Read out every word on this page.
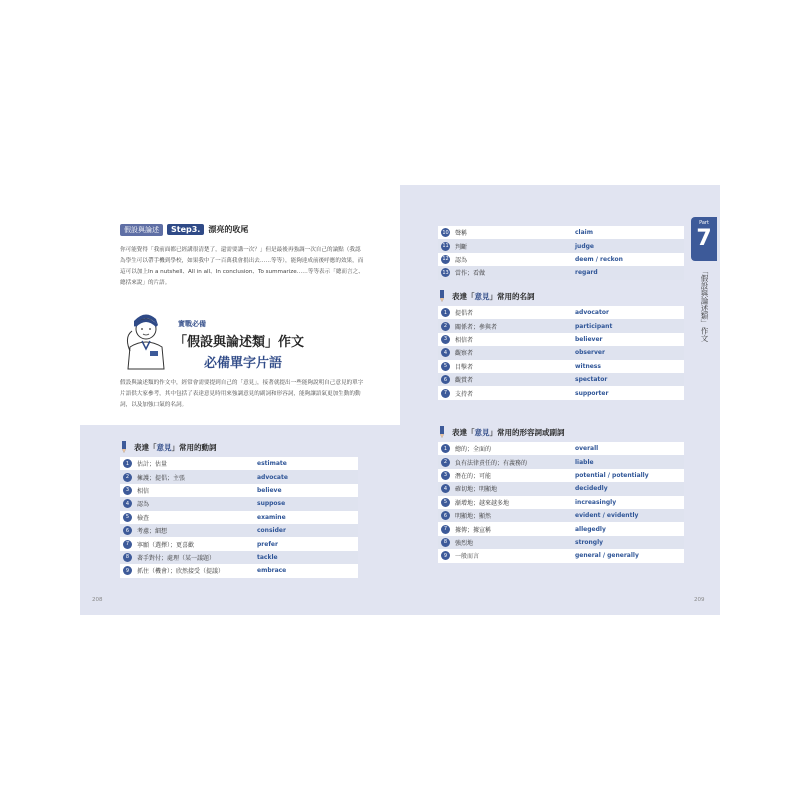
假設與論述	Step3.	漂亮的收尾
你可能覺得「我前面都已經講很清楚了，還需要講一次？」但是最後再強調一次自己的論點（我認為學生可以帶手機到學校，如果我中了一百萬我會捐出去……等等），能夠達成前後呼應的效果，而這可以加上In a nutshell、All in all、In conclusion、To summarize……等等表示「總而言之、總括來說」的片語。
實戰必備
「假設與論述類」作文
必備單字片語
假設與論述類的作文中，經常會需要提到自己的「意見」，接著就提出一些能夠說明自己意見的單字片語供大家參考，其中包括了表達意見時用來強調意見的副詞和形容詞，能夠讓語氣更加生動的動詞，以及加強口氣的名詞。
表達「意見」常用的動詞
1	估計；估量	estimate
2	擁護；提倡；主張	advocate
3	相信	believe
4	認為	suppose
5	檢查	examine
6	考慮；細想	consider
7	寧願（選擇）；更喜歡	prefer
8	著手對付；處理（某一議題）	tackle
9	抓住（機會）；欣然接受（提議）	embrace
10 聲稱	claim
11 判斷	judge
12 認為	deem / reckon
13 當作；看做	regard
表達「意見」常用的名詞
1	提倡者	advocator
2	關係者；參與者	participant
3	相信者	believer
4	觀察者	observer
5	目擊者	witness
6	觀賞者	spectator
7	支持者	supporter
表達「意見」常用的形容詞或副詞
1	總的；全面的	overall
2	負有法律責任的；有義務的	liable
3	潛在的；可能	potential / potentially
4	確切地；明顯地	decidedly
5	漸增地；越來越多地	increasingly
6	明顯地；顯然	evident / evidently
7	據傳；據宣稱	allegedly
8	強烈地	strongly
9	一般而言	general / generally
Part
7
「假設與論述類」作文
208	209
